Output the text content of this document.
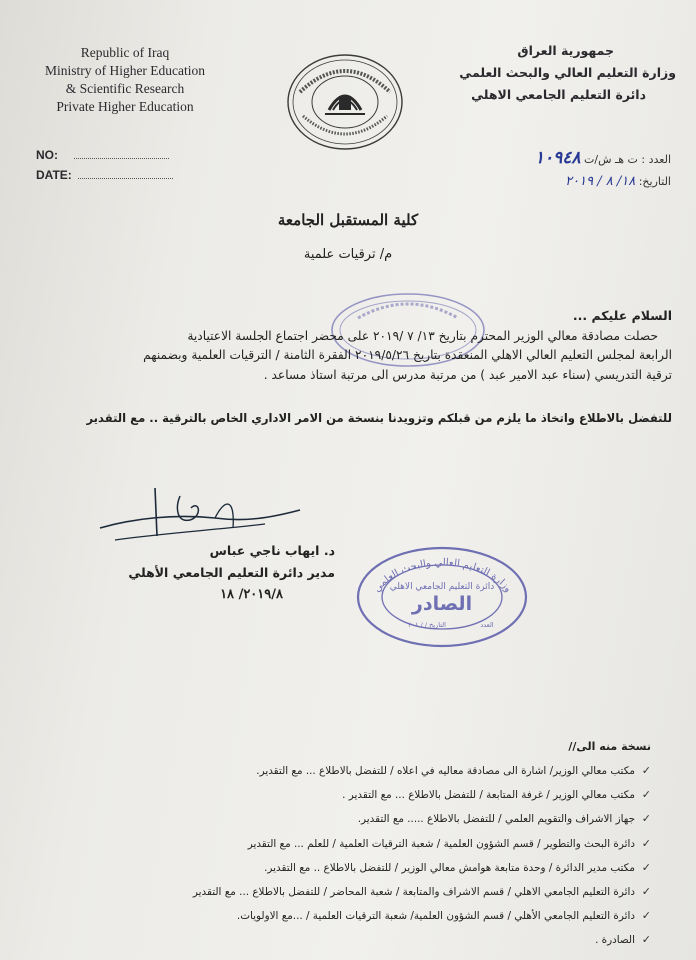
Republic of Iraq
Ministry of Higher Education
& Scientific Research
Private Higher Education
جمهورية العراق
وزارة التعليم العالي والبحث العلمي
دائرة التعليم الجامعي الاهلي
NO:
DATE:
العدد : ت هـ ش/ت ١٠٩٤٨
التاريخ: ١٨/ ٨ / ٢٠١٩
كلية المستقبل الجامعة
م/ ترقيات علمية
السلام عليكم ...
حصلت مصادقة معالي الوزير المحترم بتاريخ ١٣/ ٧ /٢٠١٩ على محضر اجتماع الجلسة الاعتيادية
الرابعة لمجلس التعليم العالي الاهلي المنعقدة بتاريخ ٢٠١٩/٥/٢٦ الفقرة الثامنة / الترقيات العلمية وبضمنهم
ترقية التدريسي (سناء عبد الامير عبد ) من مرتبة مدرس الى مرتبة استاذ مساعد .
للتفضل بالاطلاع واتخاذ ما يلزم من قبلكم وتزويدنا بنسخة من الامر الاداري الخاص بالترقية .. مع التقدير
د. ايهاب ناجي عباس
مدير دائرة التعليم الجامعي الأهلي
٢٠١٩/٨/ ١٨	وزارة التعليم العالي والبحث العلمي
دائرة التعليم الجامعي الاهلي
الصادر
التاريخ / / ٢٠١	العدد
نسخة منه الى//
✓مكتب معالي الوزير/ اشارة الى مصادقة معاليه في اعلاه / للتفضل بالاطلاع ... مع التقدير.
✓مكتب معالي الوزير / غرفة المتابعة / للتفضل بالاطلاع ... مع التقدير .
✓جهاز الاشراف والتقويم العلمي / للتفضل بالاطلاع ..... مع التقدير.
✓دائرة البحث والتطوير / قسم الشؤون العلمية / شعبة الترقيات العلمية / للعلم ... مع التقدير
✓مكتب مدير الدائرة / وحدة متابعة هوامش معالي الوزير / للتفضل بالاطلاع .. مع التقدير.
✓دائرة التعليم الجامعي الاهلي / قسم الاشراف والمتابعة / شعبة المحاضر / للتفضل بالاطلاع ... مع التقدير
✓دائرة التعليم الجامعي الأهلي / قسم الشؤون العلمية/ شعبة الترقيات العلمية / ...مع الاولويات.
✓الصادرة .
